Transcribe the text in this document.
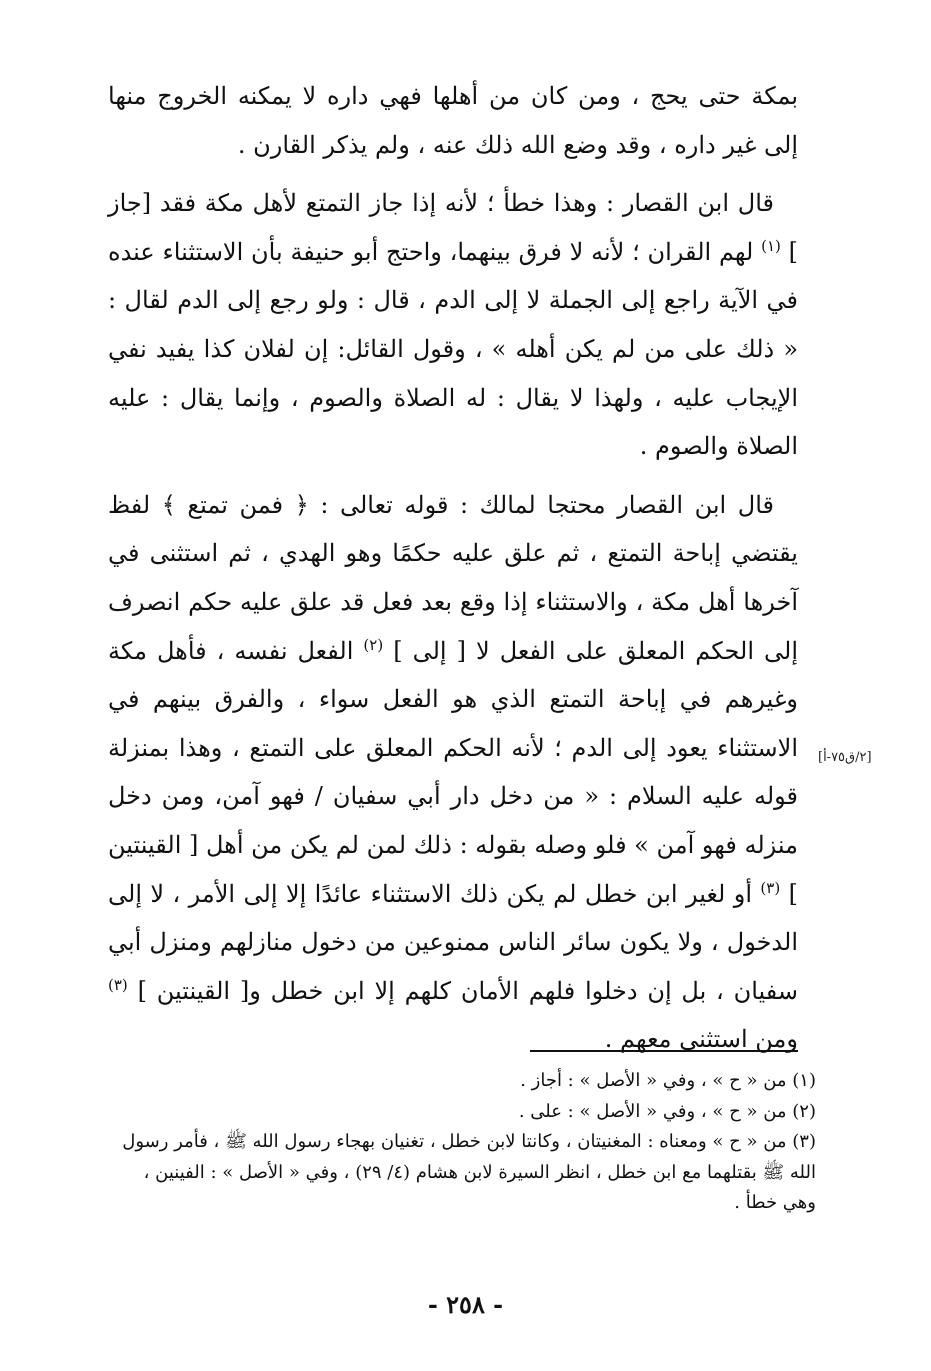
بمكة حتى يحج ، ومن كان من أهلها فهي داره لا يمكنه الخروج منها إلى غير داره ، وقد وضع الله ذلك عنه ، ولم يذكر القارن .

قال ابن القصار : وهذا خطأ ؛ لأنه إذا جاز التمتع لأهل مكة فقد [جاز ] $^{(١)}$ لهم القران ؛ لأنه لا فرق بينهما، واحتج أبو حنيفة بأن الاستثناء عنده في الآية راجع إلى الجملة لا إلى الدم ، قال : ولو رجع إلى الدم لقال : « ذلك على من لم يكن أهله » ، وقول القائل: إن لفلان كذا يفيد نفي الإيجاب عليه ، ولهذا لا يقال : له الصلاة والصوم ، وإنما يقال : عليه الصلاة والصوم .

قال ابن القصار محتجا لمالك : قوله تعالى : ﴿ فمن تمتع ﴾ لفظ يقتضي إباحة التمتع ، ثم علق عليه حكمًا وهو الهدي ، ثم استثنى في آخرها أهل مكة ، والاستثناء إذا وقع بعد فعل قد علق عليه حكم انصرف إلى الحكم المعلق على الفعل لا [ إلى ] $^{(٢)}$ الفعل نفسه ، فأهل مكة وغيرهم في إباحة التمتع الذي هو الفعل سواء ، والفرق بينهم في الاستثناء يعود إلى الدم ؛ لأنه الحكم المعلق على التمتع ، وهذا بمنزلة قوله عليه السلام : « من دخل دار أبي سفيان / فهو آمن، ومن دخل منزله فهو آمن » فلو وصله بقوله : ذلك لمن لم يكن من أهل [ القينتين ] $^{(٣)}$ أو لغير ابن خطل لم يكن ذلك الاستثناء عائدًا إلا إلى الأمر ، لا إلى الدخول ، ولا يكون سائر الناس ممنوعين من دخول منازلهم ومنزل أبي سفيان ، بل إن دخلوا فلهم الأمان كلهم إلا ابن خطل و[ القينتين ] $^{(٣)}$ ومن استثنى معهم .

[٢/ق٧٥-أ]

(١) من « ح » ، وفي « الأصل » : أجاز .

(٢) من « ح » ، وفي « الأصل » : على .

(٣) من « ح » ومعناه : المغنيتان ، وكانتا لابن خطل ، تغنيان بهجاء رسول الله ﷺ ، فأمر رسول الله ﷺ بقتلهما مع ابن خطل ، انظر السيرة لابن هشام (٤/ ٢٩) ، وفي « الأصل » : الفينين ، وهي خطأ .

- ٢٥٨ -
